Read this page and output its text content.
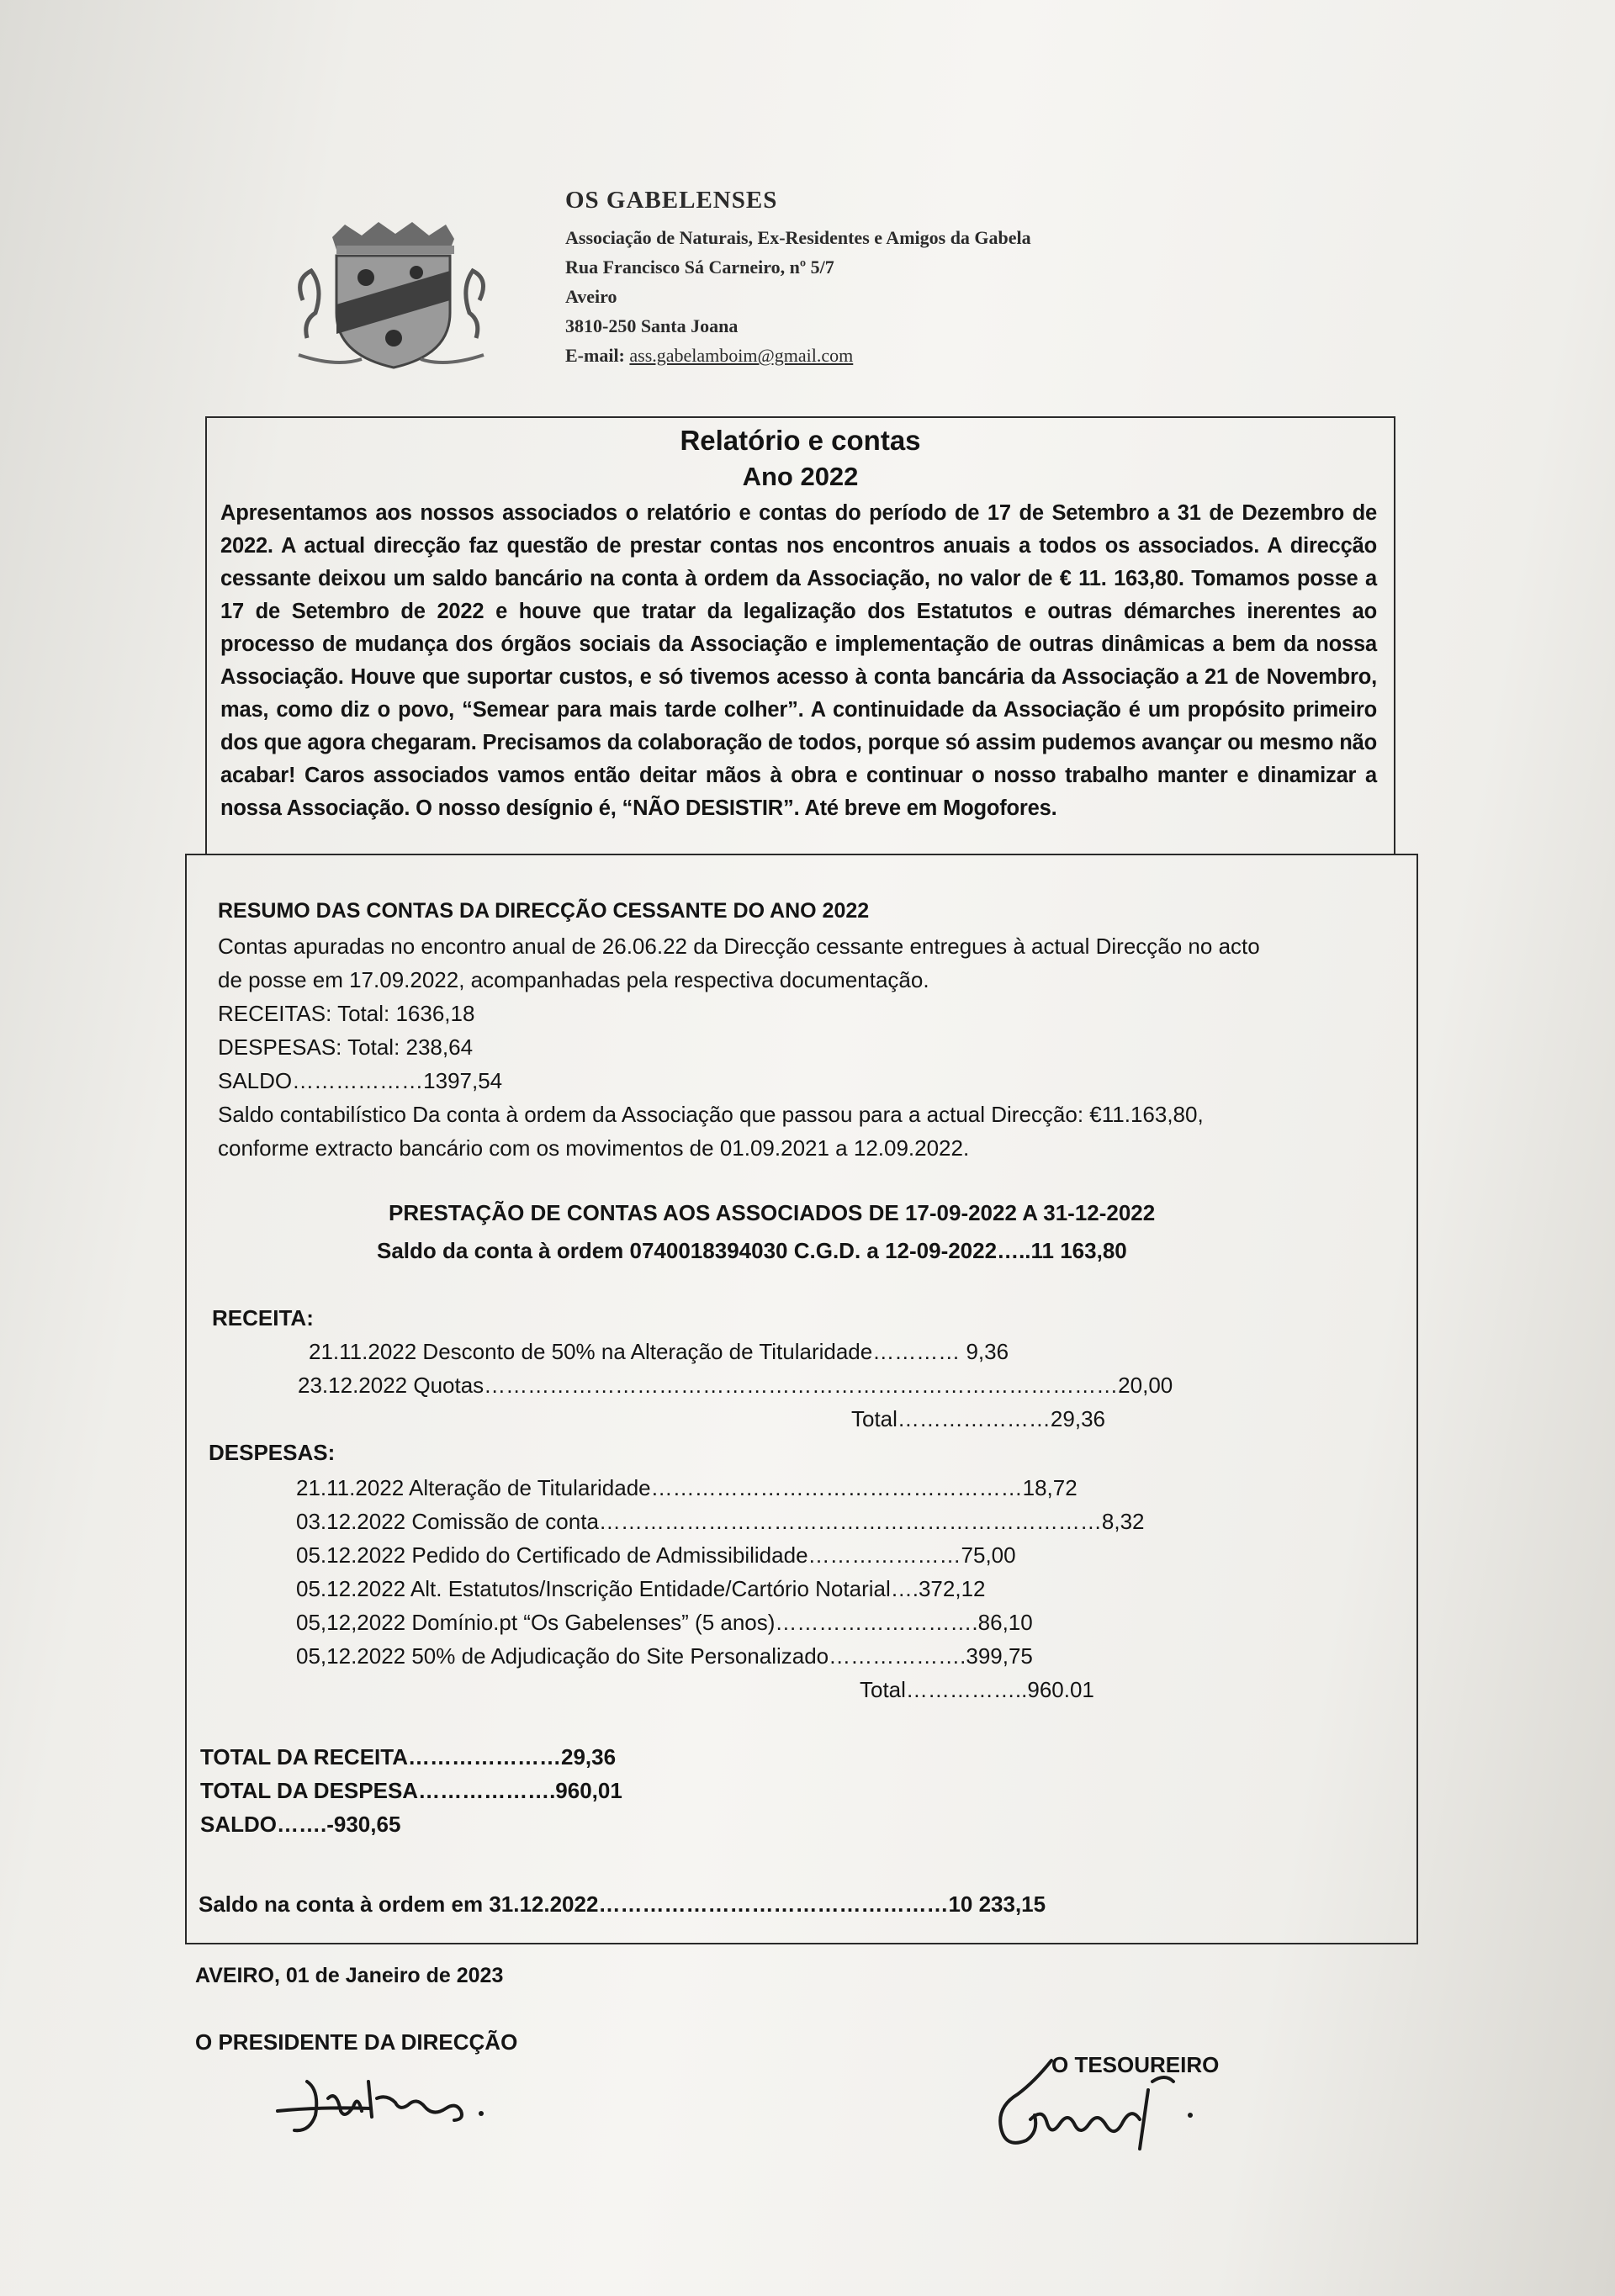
OS GABELENSES
Associação de Naturais, Ex-Residentes e Amigos da Gabela
Rua Francisco Sá Carneiro, nº 5/7
Aveiro
3810-250 Santa Joana
E-mail: ass.gabelamboim@gmail.com
Relatório e contas
Ano 2022
Apresentamos aos nossos associados o relatório e contas do período de 17 de Setembro a 31 de Dezembro de 2022. A actual direcção faz questão de prestar contas nos encontros anuais a todos os associados. A direcção cessante deixou um saldo bancário na conta à ordem da Associação, no valor de € 11. 163,80. Tomamos posse a 17 de Setembro de 2022 e houve que tratar da legalização dos Estatutos e outras démarches inerentes ao processo de mudança dos órgãos sociais da Associação e implementação de outras dinâmicas a bem da nossa Associação. Houve que suportar custos, e só tivemos acesso à conta bancária da Associação a 21 de Novembro, mas, como diz o povo, “Semear para mais tarde colher”. A continuidade da Associação é um propósito primeiro dos que agora chegaram. Precisamos da colaboração de todos, porque só assim pudemos avançar ou mesmo não acabar! Caros associados vamos então deitar mãos à obra e continuar o nosso trabalho manter e dinamizar a nossa Associação. O nosso desígnio é, “NÃO DESISTIR”. Até breve em Mogofores.
RESUMO DAS CONTAS DA DIRECÇÃO CESSANTE DO ANO 2022
Contas apuradas no encontro anual de 26.06.22 da Direcção cessante entregues à actual Direcção no acto
de posse em 17.09.2022, acompanhadas pela respectiva documentação.
RECEITAS: Total: 1636,18
DESPESAS: Total: 238,64
SALDO………………1397,54
Saldo contabilístico Da conta à ordem da Associação que passou para a actual Direcção: €11.163,80,
conforme extracto bancário com os movimentos de 01.09.2021 a 12.09.2022.
PRESTAÇÃO DE CONTAS AOS ASSOCIADOS DE 17-09-2022 A 31-12-2022
Saldo da conta à ordem 0740018394030 C.G.D. a 12-09-2022…..11 163,80
RECEITA:
21.11.2022 Desconto de 50% na Alteração de Titularidade………… 9,36
23.12.2022 Quotas……………………………………………………………………………20,00
Total…………………29,36
DESPESAS:
21.11.2022 Alteração de Titularidade……………………………………………18,72
03.12.2022 Comissão de conta……………………………………………………………8,32
05.12.2022 Pedido do Certificado de Admissibilidade…………………75,00
05.12.2022 Alt. Estatutos/Inscrição Entidade/Cartório Notarial….372,12
05,12,2022 Domínio.pt “Os Gabelenses” (5 anos)……………………….86,10
05,12.2022 50% de Adjudicação do Site Personalizado……………….399,75
Total……………..960.01
TOTAL DA RECEITA…………………29,36
TOTAL DA DESPESA……………….960,01
SALDO…….-930,65
Saldo na conta à ordem em 31.12.2022…………………………………………10 233,15
AVEIRO, 01 de Janeiro de 2023
O PRESIDENTE DA DIRECÇÃO
O TESOUREIRO
